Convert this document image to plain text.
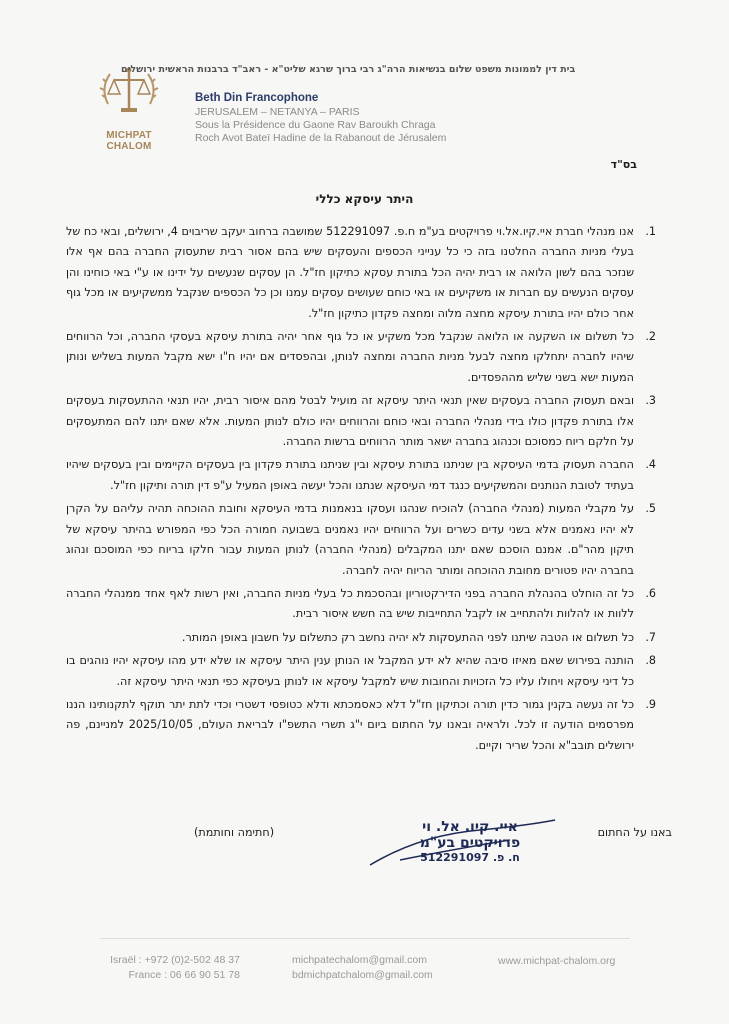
MICHPAT CHALOM
בית דין לממונות משפט שלום בנשיאות הרה"ג רבי ברוך שרגא שליט"א - ראב"ד ברבנות הראשית ירושלים
Beth Din Francophone
JERUSALEM – NETANYA – PARIS
Sous la Présidence du Gaone Rav Baroukh Chraga
Roch Avot Bateï Hadine de la Rabanout de Jérusalem
בס"ד
היתר עיסקא כללי
1.
אנו מנהלי חברת איי.קיו.אל.וי פרויקטים בע"מ ח.פ. 512291097 שמושבה ברחוב יעקב שריבוים 4, ירושלים, ובאי כח של בעלי מניות החברה החלטנו בזה כי כל ענייני הכספים והעסקים שיש בהם אסור רבית שתעסוק החברה בהם אף אלו שנזכר בהם לשון הלואה או רבית יהיה הכל בתורת עסקא כתיקון חז"ל. הן עסקים שנעשים על ידינו או ע"י באי כוחינו והן עסקים הנעשים עם חברות או משקיעים או באי כוחם שעושים עסקים עמנו וכן כל הכספים שנקבל ממשקיעים או מכל גוף אחר כולם יהיו בתורת עיסקא מחצה מלוה ומחצה פקדון כתיקון חז"ל.
2.
כל תשלום או השקעה או הלואה שנקבל מכל משקיע או כל גוף אחר יהיה בתורת עיסקא בעסקי החברה, וכל הרווחים שיהיו לחברה יתחלקו מחצה לבעל מניות החברה ומחצה לנותן, ובהפסדים אם יהיו ח"ו ישא מקבל המעות בשליש ונותן המעות ישא בשני שליש מההפסדים.
3.
ובאם תעסוק החברה בעסקים שאין תנאי היתר עיסקא זה מועיל לבטל מהם איסור רבית, יהיו תנאי ההתעסקות בעסקים אלו בתורת פקדון כולו בידי מנהלי החברה ובאי כוחם והרווחים יהיו כולם לנותן המעות. אלא שאם יתנו להם המתעסקים על חלקם ריוח כמסוכם וכנהוג בחברה ישאר מותר הרווחים ברשות החברה.
4.
החברה תעסוק בדמי העיסקא בין שניתנו בתורת עיסקא ובין שניתנו בתורת פקדון בין בעסקים הקיימים ובין בעסקים שיהיו בעתיד לטובת הנותנים והמשקיעים כנגד דמי העיסקא שנתנו והכל יעשה באופן המעיל ע"פ דין תורה ותיקון חז"ל.
5.
על מקבלי המעות (מנהלי החברה) להוכיח שנהגו ועסקו בנאמנות בדמי העיסקא וחובת ההוכחה תהיה עליהם על הקרן לא יהיו נאמנים אלא בשני עדים כשרים ועל הרווחים יהיו נאמנים בשבועה חמורה הכל כפי המפורש בהיתר עיסקא של תיקון מהר"ם. אמנם הוסכם שאם יתנו המקבלים (מנהלי החברה) לנותן המעות עבור חלקו בריוח כפי המוסכם ונהוג בחברה יהיו פטורים מחובת ההוכחה ומותר הריוח יהיה לחברה.
6.
כל זה הוחלט בהנהלת החברה בפני הדירקטוריון ובהסכמת כל בעלי מניות החברה, ואין רשות לאף אחד ממנהלי החברה ללוות או להלוות ולהתחייב או לקבל התחייבות שיש בה חשש איסור רבית.
7.
כל תשלום או הטבה שיתנו לפני ההתעסקות לא יהיה נחשב רק כתשלום על חשבון באופן המותר.
8.
הותנה בפירוש שאם מאיזו סיבה שהיא לא ידע המקבל או הנותן ענין היתר עיסקא או שלא ידע מהו עיסקא יהיו נוהגים בו כל דיני עיסקא ויחולו עליו כל הזכויות והחובות שיש למקבל עיסקא או לנותן בעיסקא כפי תנאי היתר עיסקא זה.
9.
כל זה נעשה בקנין גמור כדין תורה וכתיקון חז"ל דלא כאסמכתא ודלא כטופסי דשטרי וכדי לתת יתר תוקף לתקנותינו הננו מפרסמים הודעה זו לכל. ולראיה ובאנו על החתום ביום י"ג תשרי התשפ"ו לבריאת העולם, 2025/10/05 למניינם, פה ירושלים תובב"א והכל שריר וקיים.
באנו על החתום
(חתימה וחותמת)	איי. קיו. אל. וי
פרויקטים בע"מ
ח. פ. 512291097
Israël : +972 (0)2-502 48 37
France : 06 66 90 51 78
michpatechalom@gmail.com
bdmichpatchalom@gmail.com
www.michpat-chalom.org
